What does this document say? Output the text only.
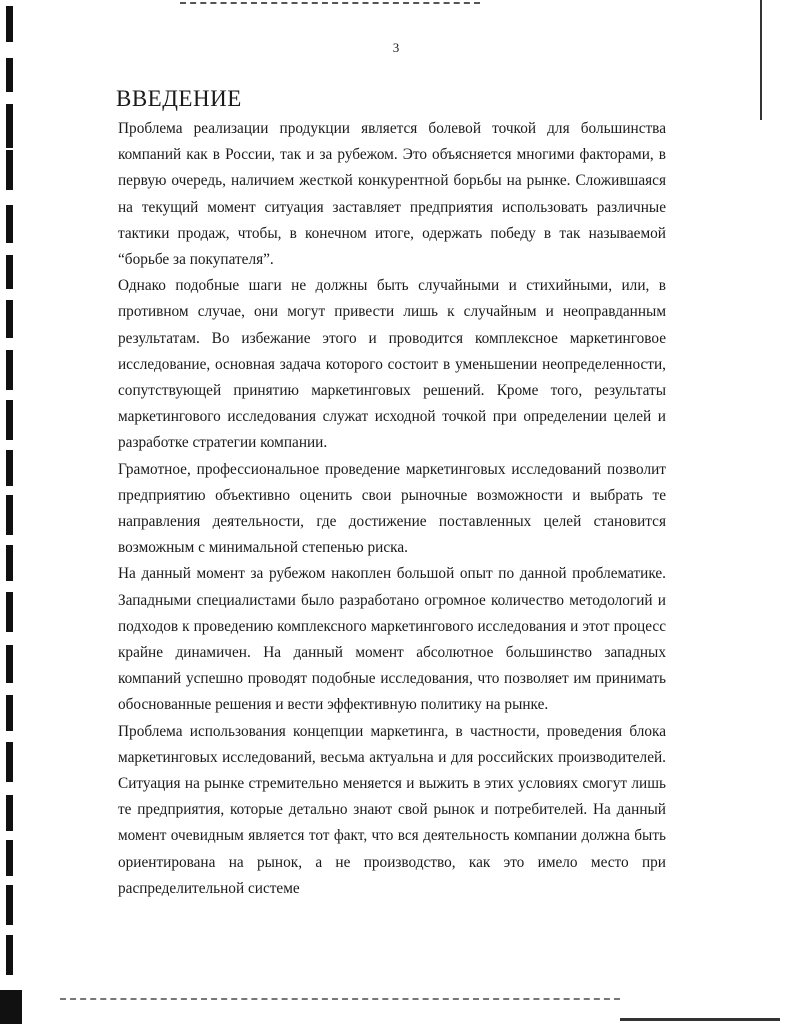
3
ВВЕДЕНИЕ

Проблема реализации продукции является болевой точкой для большинства компаний как в России, так и за рубежом. Это объясняется многими факторами, в первую очередь, наличием жесткой конкурентной борьбы на рынке. Сложившаяся на текущий момент ситуация заставляет предприятия использовать различные тактики продаж, чтобы, в конечном итоге, одержать победу в так называемой “борьбе за покупателя”.

Однако подобные шаги не должны быть случайными и стихийными, или, в противном случае, они могут привести лишь к случайным и неоправданным результатам. Во избежание этого и проводится комплексное маркетинговое исследование, основная задача которого состоит в уменьшении неопределенности, сопутствующей принятию маркетинговых решений. Кроме того, результаты маркетингового исследования служат исходной точкой при определении целей и разработке стратегии компании.

Грамотное, профессиональное проведение маркетинговых исследований позволит предприятию объективно оценить свои рыночные возможности и выбрать те направления деятельности, где достижение поставленных целей становится возможным с минимальной степенью риска.

На данный момент за рубежом накоплен большой опыт по данной проблематике. Западными специалистами было разработано огромное количество методологий и подходов к проведению комплексного маркетингового исследования и этот процесс крайне динамичен. На данный момент абсолютное большинство западных компаний успешно проводят подобные исследования, что позволяет им принимать обоснованные решения и вести эффективную политику на рынке.

Проблема использования концепции маркетинга, в частности, проведения блока маркетинговых исследований, весьма актуальна и для российских производителей. Ситуация на рынке стремительно меняется и выжить в этих условиях смогут лишь те предприятия, которые детально знают свой рынок и потребителей. На данный момент очевидным является тот факт, что вся деятельность компании должна быть ориентирована на рынок, а не производство, как это имело место при распределительной системе
